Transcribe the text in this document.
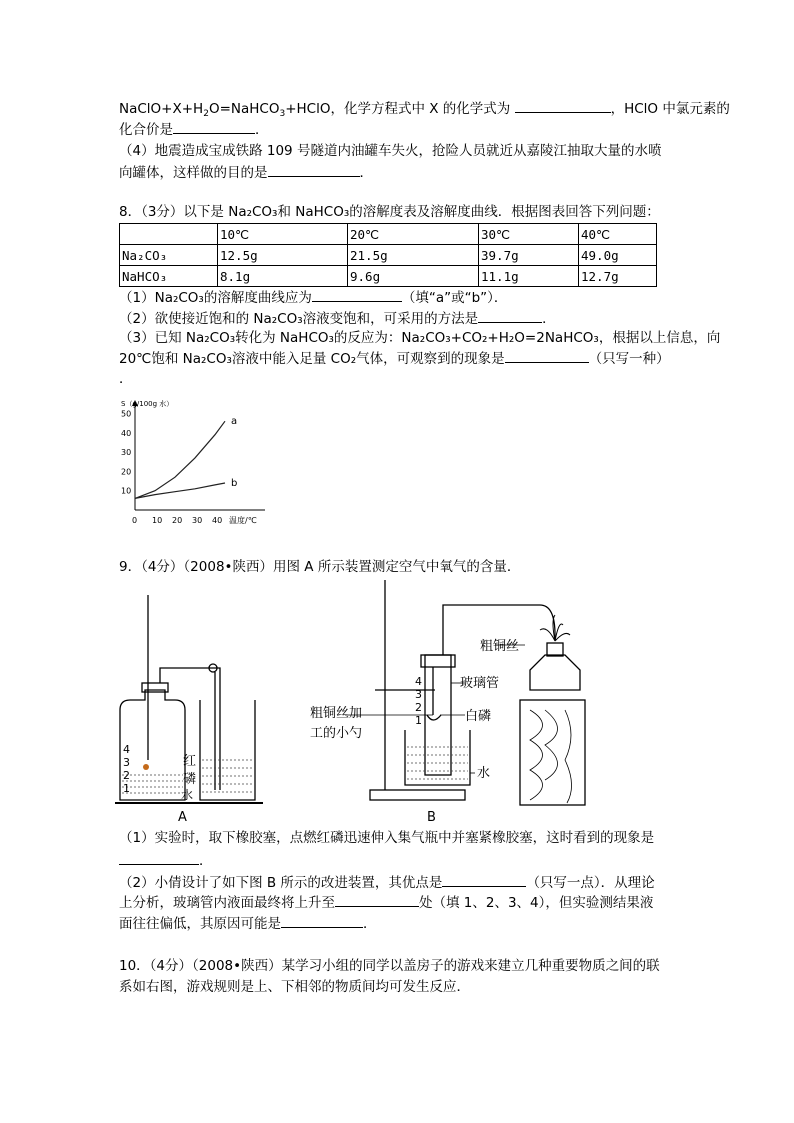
$NaClO+X+H_2O=NaHCO_3+HClO$，化学方程式中 X 的化学式为	，HClO 中氯元素的
化合价是	．
（4）地震造成宝成铁路 109 号隧道内油罐车失火，抢险人员就近从嘉陵江抽取大量的水喷
向罐体，这样做的目的是	．
8．（3分）以下是 Na₂CO₃和 NaHCO₃的溶解度表及溶解度曲线．根据图表回答下列问题：
	10℃	20℃	30℃	40℃
Na₂CO₃	12.5g	21.5g	39.7g	49.0g
NaHCO₃	8.1g	9.6g	11.1g	12.7g
（1）Na₂CO₃的溶解度曲线应为	（填“a”或“b”）．
（2）欲使接近饱和的 Na₂CO₃溶液变饱和，可采用的方法是	．
（3）已知 Na₂CO₃转化为 NaHCO₃的反应为：Na₂CO₃+CO₂+H₂O=2NaHCO₃，根据以上信息，向
20℃饱和 Na₂CO₃溶液中能入足量 CO₂气体，可观察到的现象是	（只写一种）
．
S（g/100g 水）
温度/℃
0 10 20 30 40
10
20
30
40
50
a
b
9．（4分）（2008•陕西）用图 A 所示装置测定空气中氧气的含量．
4
3
2
1
红
磷
水
A
4
3
2
1
粗铜丝
玻璃管
白磷
粗铜丝加
工的小勺
水
B
（1）实验时，取下橡胶塞，点燃红磷迅速伸入集气瓶中并塞紧橡胶塞，这时看到的现象是
．
（2）小倩设计了如下图 B 所示的改进装置，其优点是	（只写一点）．从理论
上分析，玻璃管内液面最终将上升至	处（填 1、2、3、4），但实验测结果液
面往往偏低，其原因可能是	．
10．（4分）（2008•陕西）某学习小组的同学以盖房子的游戏来建立几种重要物质之间的联
系如右图，游戏规则是上、下相邻的物质间均可发生反应．
